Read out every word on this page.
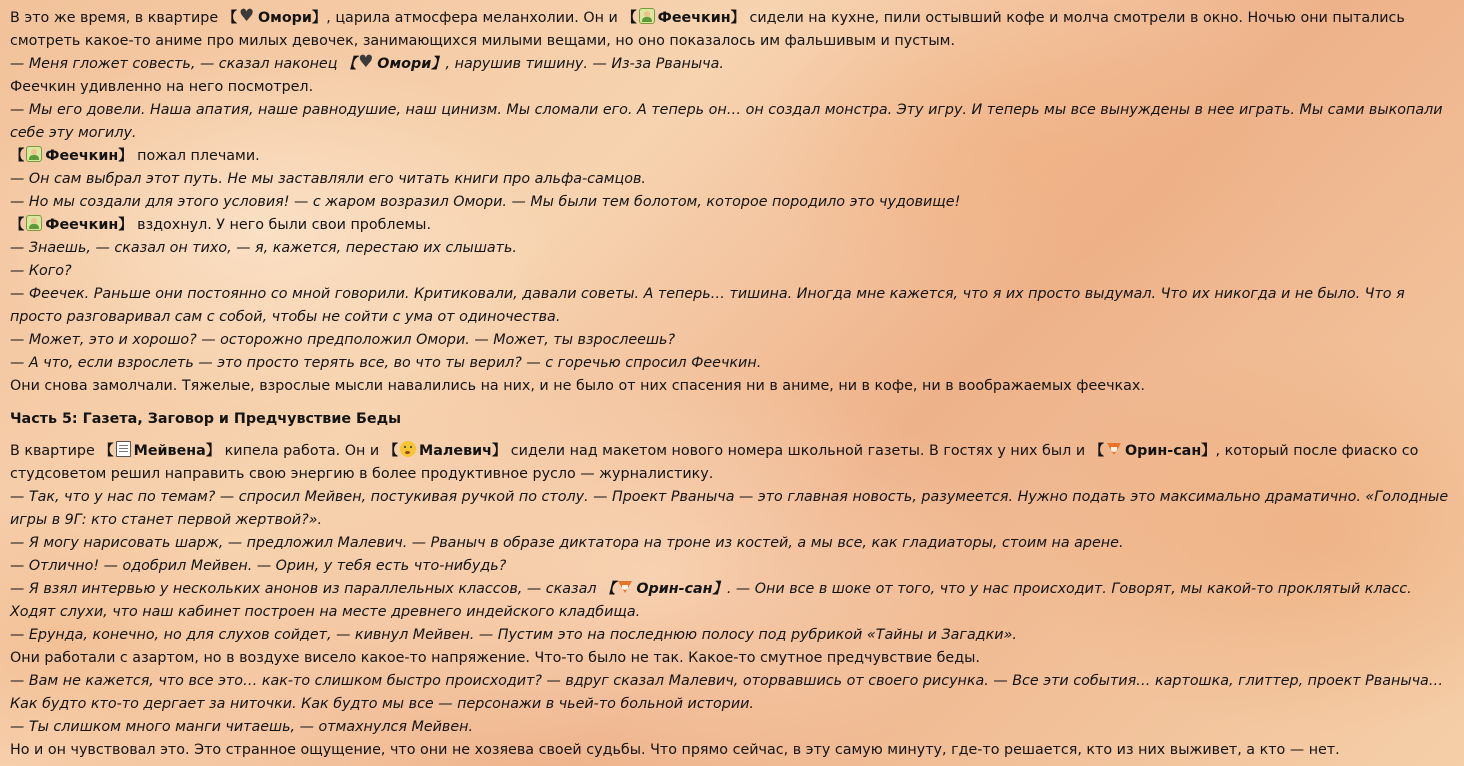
В это же время, в квартире 【 ♥ Омори】, царила атмосфера меланхолии. Он и 【 Феечкин】 сидели на кухне, пили остывший кофе и молча смотрели в окно. Ночью они пытались смотреть какое-то аниме про милых девочек, занимающихся милыми вещами, но оно показалось им фальшивым и пустым.

— Меня гложет совесть, — сказал наконец 【 ♥ Омори】, нарушив тишину. — Из-за Рваныча.

Феечкин удивленно на него посмотрел.

— Мы его довели. Наша апатия, наше равнодушие, наш цинизм. Мы сломали его. А теперь он… он создал монстра. Эту игру. И теперь мы все вынуждены в нее играть. Мы сами выкопали себе эту могилу.

【 Феечкин】 пожал плечами.

— Он сам выбрал этот путь. Не мы заставляли его читать книги про альфа-самцов.

— Но мы создали для этого условия! — с жаром возразил Омори. — Мы были тем болотом, которое породило это чудовище!

【 Феечкин】 вздохнул. У него были свои проблемы.

— Знаешь, — сказал он тихо, — я, кажется, перестаю их слышать.

— Кого?

— Феечек. Раньше они постоянно со мной говорили. Критиковали, давали советы. А теперь… тишина. Иногда мне кажется, что я их просто выдумал. Что их никогда и не было. Что я просто разговаривал сам с собой, чтобы не сойти с ума от одиночества.

— Может, это и хорошо? — осторожно предположил Омори. — Может, ты взрослеешь?

— А что, если взрослеть — это просто терять все, во что ты верил? — с горечью спросил Феечкин.

Они снова замолчали. Тяжелые, взрослые мысли навалились на них, и не было от них спасения ни в аниме, ни в кофе, ни в воображаемых феечках.

Часть 5: Газета, Заговор и Предчувствие Беды

В квартире 【 Мейвена】 кипела работа. Он и 【 Малевич】 сидели над макетом нового номера школьной газеты. В гостях у них был и 【 Орин-сан】, который после фиаско со студсоветом решил направить свою энергию в более продуктивное русло — журналистику.

— Так, что у нас по темам? — спросил Мейвен, постукивая ручкой по столу. — Проект Рваныча — это главная новость, разумеется. Нужно подать это максимально драматично. «Голодные игры в 9Г: кто станет первой жертвой?».

— Я могу нарисовать шарж, — предложил Малевич. — Рваныч в образе диктатора на троне из костей, а мы все, как гладиаторы, стоим на арене.

— Отлично! — одобрил Мейвен. — Орин, у тебя есть что-нибудь?

— Я взял интервью у нескольких анонов из параллельных классов, — сказал 【 Орин-сан】. — Они все в шоке от того, что у нас происходит. Говорят, мы какой-то проклятый класс. Ходят слухи, что наш кабинет построен на месте древнего индейского кладбища.

— Ерунда, конечно, но для слухов сойдет, — кивнул Мейвен. — Пустим это на последнюю полосу под рубрикой «Тайны и Загадки».

Они работали с азартом, но в воздухе висело какое-то напряжение. Что-то было не так. Какое-то смутное предчувствие беды.

— Вам не кажется, что все это… как-то слишком быстро происходит? — вдруг сказал Малевич, оторвавшись от своего рисунка. — Все эти события… картошка, глиттер, проект Рваныча… Как будто кто-то дергает за ниточки. Как будто мы все — персонажи в чьей-то больной истории.

— Ты слишком много манги читаешь, — отмахнулся Мейвен.

Но и он чувствовал это. Это странное ощущение, что они не хозяева своей судьбы. Что прямо сейчас, в эту самую минуту, где-то решается, кто из них выживет, а кто — нет.
